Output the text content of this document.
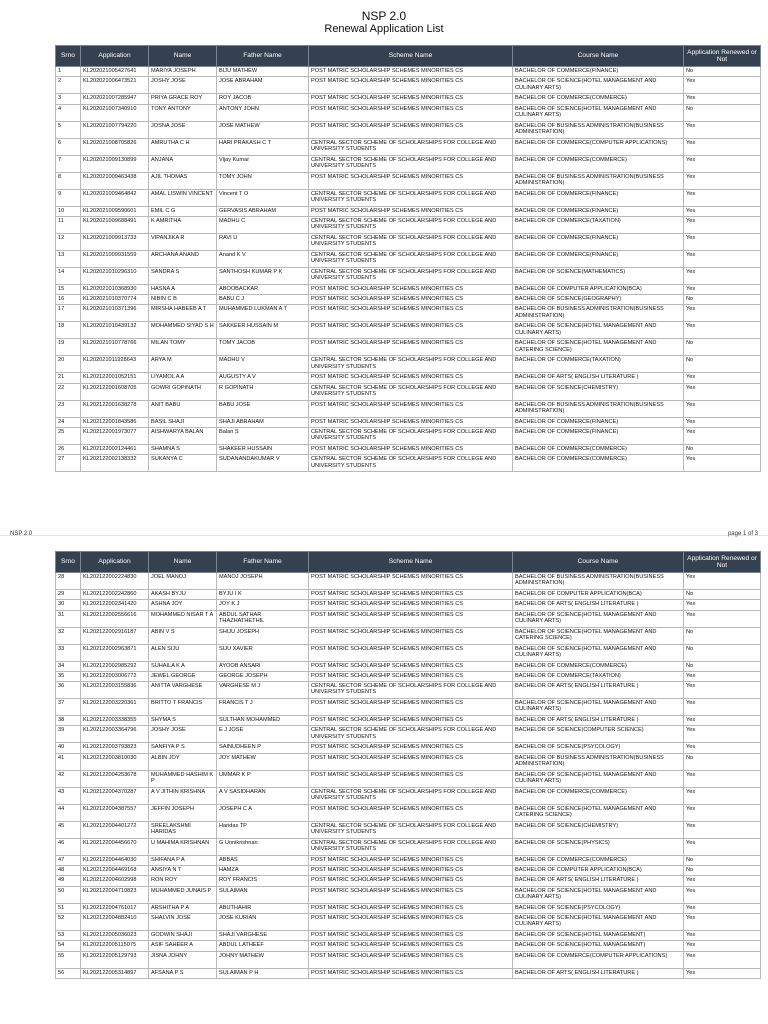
NSP 2.0
Renewal Application List
Srno	Application	Name	Father Name	Scheme Name	Course Name	Application Renewed or Not
1	KL202021005427641	MARIYA JOSEPH	BIJU MATHEW	POST MATRIC SCHOLARSHIP SCHEMES MINORITIES CS	BACHELOR OF COMMERCE(FINANCE)	No
2	KL202021006473521	JOSHY JOSE	JOSE ABRAHAM	POST MATRIC SCHOLARSHIP SCHEMES MINORITIES CS	BACHELOR OF SCIENCE(HOTEL MANAGEMENT AND CULINARY ARTS)	Yes
3	KL202021007285947	PRIYA GRACE ROY	ROY JACOB	POST MATRIC SCHOLARSHIP SCHEMES MINORITIES CS	BACHELOR OF COMMERCE(COMMERCE)	Yes
4	KL202021007340910	TONY ANTONY	ANTONY JOHN	POST MATRIC SCHOLARSHIP SCHEMES MINORITIES CS	BACHELOR OF SCIENCE(HOTEL MANAGEMENT AND CULINARY ARTS)	No
5	KL202021007794220	JOSNA JOSE	JOSE MATHEW	POST MATRIC SCHOLARSHIP SCHEMES MINORITIES CS	BACHELOR OF BUSINESS ADMINISTRATION(BUSINESS ADMINISTRATION)	Yes
6	KL202021008705826	AMRUTHA C H	HARI PRAKASH C T	CENTRAL SECTOR SCHEME OF SCHOLARSHIPS FOR COLLEGE AND UNIVERSITY STUDENTS	BACHELOR OF COMMERCE(COMPUTER APPLICATIONS)	Yes
7	KL202021009130899	ANJANA	Vijay Kumar	CENTRAL SECTOR SCHEME OF SCHOLARSHIPS FOR COLLEGE AND UNIVERSITY STUDENTS	BACHELOR OF COMMERCE(COMMERCE)	Yes
8	KL202021009463438	AJIL THOMAS	TOMY JOHN	POST MATRIC SCHOLARSHIP SCHEMES MINORITIES CS	BACHELOR OF BUSINESS ADMINISTRATION(BUSINESS ADMINISTRATION)	Yes
9	KL202021009464842	AMAL LISWIN VINCENT	Vincent T O	CENTRAL SECTOR SCHEME OF SCHOLARSHIPS FOR COLLEGE AND UNIVERSITY STUDENTS	BACHELOR OF COMMERCE(FINANCE)	Yes
10	KL202021009590601	EMIL C G	GERVASIS ABRAHAM	POST MATRIC SCHOLARSHIP SCHEMES MINORITIES CS	BACHELOR OF COMMERCE(FINANCE)	Yes
11	KL202021009688491	K AMRITHA	MADHU C	CENTRAL SECTOR SCHEME OF SCHOLARSHIPS FOR COLLEGE AND UNIVERSITY STUDENTS	BACHELOR OF COMMERCE(TAXATION)	Yes
12	KL202021009913733	VIPANJIKA R	RAVI U	CENTRAL SECTOR SCHEME OF SCHOLARSHIPS FOR COLLEGE AND UNIVERSITY STUDENTS	BACHELOR OF COMMERCE(FINANCE)	Yes
13	KL202021009931559	ARCHANA ANAND	Anand K V	CENTRAL SECTOR SCHEME OF SCHOLARSHIPS FOR COLLEGE AND UNIVERSITY STUDENTS	BACHELOR OF COMMERCE(FINANCE)	Yes
14	KL202021010296310	SANDRA S	SANTHOSH KUMAR P K	CENTRAL SECTOR SCHEME OF SCHOLARSHIPS FOR COLLEGE AND UNIVERSITY STUDENTS	BACHELOR OF SCIENCE(MATHEMATICS)	Yes
15	KL202021010368930	HASNA A	ABOOBACKAR	POST MATRIC SCHOLARSHIP SCHEMES MINORITIES CS	BACHELOR OF COMPUTER APPLICATION(BCA)	Yes
16	KL202021010370774	NIBIN C B	BABU C J	POST MATRIC SCHOLARSHIP SCHEMES MINORITIES CS	BACHELOR OF SCIENCE(GEOGRAPHY)	No
17	KL202021010371396	MIRSHA HABEEB A T	MUHAMMED LUKMAN A T	POST MATRIC SCHOLARSHIP SCHEMES MINORITIES CS	BACHELOR OF BUSINESS ADMINISTRATION(BUSINESS ADMINISTRATION)	Yes
18	KL202021010439132	MOHAMMED SIYAD S H	SAKKEER HUSSAIN M	POST MATRIC SCHOLARSHIP SCHEMES MINORITIES CS	BACHELOR OF SCIENCE(HOTEL MANAGEMENT AND CULINARY ARTS)	Yes
19	KL202021010778766	MILAN TOMY	TOMY JACOB	POST MATRIC SCHOLARSHIP SCHEMES MINORITIES CS	BACHELOR OF SCIENCE(HOTEL MANAGEMENT AND CATERING SCIENCE)	No
20	KL202021011928643	ARYA M	MADHU V	CENTRAL SECTOR SCHEME OF SCHOLARSHIPS FOR COLLEGE AND UNIVERSITY STUDENTS	BACHELOR OF COMMERCE(TAXATION)	No
21	KL202122001052151	LIYAMOL A A	AUGUSTY A V	POST MATRIC SCHOLARSHIP SCHEMES MINORITIES CS	BACHELOR OF ARTS( ENGLISH LITERATURE )	Yes
22	KL202122001608705	GOWRI GOPINATH	R GOPINATH	CENTRAL SECTOR SCHEME OF SCHOLARSHIPS FOR COLLEGE AND UNIVERSITY STUDENTS	BACHELOR OF SCIENCE(CHEMISTRY)	Yes
23	KL202122001638278	ANIT BABU	BABU JOSE	POST MATRIC SCHOLARSHIP SCHEMES MINORITIES CS	BACHELOR OF BUSINESS ADMINISTRATION(BUSINESS ADMINISTRATION)	Yes
24	KL202122001843586	BASIL SHAJI	SHAJI ABRAHAM	POST MATRIC SCHOLARSHIP SCHEMES MINORITIES CS	BACHELOR OF COMMERCE(FINANCE)	Yes
25	KL202122001973077	AISHWARYA BALAN	Balan S	CENTRAL SECTOR SCHEME OF SCHOLARSHIPS FOR COLLEGE AND UNIVERSITY STUDENTS	BACHELOR OF COMMERCE(FINANCE)	Yes
26	KL202122002124461	SHAMNA S	SHAKEER HUSSAIN	POST MATRIC SCHOLARSHIP SCHEMES MINORITIES CS	BACHELOR OF COMMERCE(COMMERCE)	No
27	KL202122002138332	SUKANYA C	SUDANANDAKUMAR V	CENTRAL SECTOR SCHEME OF SCHOLARSHIPS FOR COLLEGE AND UNIVERSITY STUDENTS	BACHELOR OF COMMERCE(COMMERCE)	Yes
NSP 2.0	page 1 of 3
Srno	Application	Name	Father Name	Scheme Name	Course Name	Application Renewed or Not
28	KL202122002224830	JOEL MANOJ	MANOJ JOSEPH	POST MATRIC SCHOLARSHIP SCHEMES MINORITIES CS	BACHELOR OF BUSINESS ADMINISTRATION(BUSINESS ADMINISTRATION)	Yes
29	KL202122002242860	AKASH BYJU	BYJU I K	POST MATRIC SCHOLARSHIP SCHEMES MINORITIES CS	BACHELOR OF COMPUTER APPLICATION(BCA)	No
30	KL202122002341420	ASHNA JOY	JOY K J	POST MATRIC SCHOLARSHIP SCHEMES MINORITIES CS	BACHELOR OF ARTS( ENGLISH LITERATURE )	Yes
31	KL202122002556616	MOHAMMED NISAR T A	ABDUL SATHAR THAZHATHETHIL	POST MATRIC SCHOLARSHIP SCHEMES MINORITIES CS	BACHELOR OF SCIENCE(HOTEL MANAGEMENT AND CULINARY ARTS)	Yes
32	KL202122002916187	ABIN V S	SHIJU JOSEPH	POST MATRIC SCHOLARSHIP SCHEMES MINORITIES CS	BACHELOR OF SCIENCE(HOTEL MANAGEMENT AND CATERING SCIENCE)	No
33	KL202122002963871	ALEN SIJU	SIJU XAVIER	POST MATRIC SCHOLARSHIP SCHEMES MINORITIES CS	BACHELOR OF SCIENCE(HOTEL MANAGEMENT AND CULINARY ARTS)	No
34	KL202122002985292	SUHAILA K A	AYOOB ANSARI	POST MATRIC SCHOLARSHIP SCHEMES MINORITIES CS	BACHELOR OF COMMERCE(COMMERCE)	No
35	KL202122003006772	JEWEL GEORGE	GEORGE JOSEPH	POST MATRIC SCHOLARSHIP SCHEMES MINORITIES CS	BACHELOR OF COMMERCE(TAXATION)	Yes
36	KL202122003155836	ANITTA VARGHESE	VARGHESE M J	CENTRAL SECTOR SCHEME OF SCHOLARSHIPS FOR COLLEGE AND UNIVERSITY STUDENTS	BACHELOR OF ARTS( ENGLISH LITERATURE )	Yes
37	KL202122003220361	BRITTO T FRANCIS	FRANCIS T J	POST MATRIC SCHOLARSHIP SCHEMES MINORITIES CS	BACHELOR OF SCIENCE(HOTEL MANAGEMENT AND CULINARY ARTS)	Yes
38	KL202122003338355	SHYMA S	SULTHAN MOHAMMED	POST MATRIC SCHOLARSHIP SCHEMES MINORITIES CS	BACHELOR OF ARTS( ENGLISH LITERATURE )	Yes
39	KL202122003364796	JOSHY JOSE	E J JOSE	CENTRAL SECTOR SCHEME OF SCHOLARSHIPS FOR COLLEGE AND UNIVERSITY STUDENTS	BACHELOR OF SCIENCE(COMPUTER SCIENCE)	Yes
40	KL202122003793823	SANFIYA P S	SAINUDHEEN P	POST MATRIC SCHOLARSHIP SCHEMES MINORITIES CS	BACHELOR OF SCIENCE(PSYCOLOGY)	Yes
41	KL202122003810030	ALBIN JOY	JOY MATHEW	POST MATRIC SCHOLARSHIP SCHEMES MINORITIES CS	BACHELOR OF BUSINESS ADMINISTRATION(BUSINESS ADMINISTRATION)	No
42	KL202122004253678	MUHAMMED HASHIM K P	UMMAR K P	POST MATRIC SCHOLARSHIP SCHEMES MINORITIES CS	BACHELOR OF SCIENCE(HOTEL MANAGEMENT AND CULINARY ARTS)	Yes
43	KL202122004370287	A V JITHIN KRISHNA	A V SASIDHARAN	CENTRAL SECTOR SCHEME OF SCHOLARSHIPS FOR COLLEGE AND UNIVERSITY STUDENTS	BACHELOR OF COMMERCE(COMMERCE)	Yes
44	KL202122004387557	JEFFIN JOSEPH	JOSEPH C A	POST MATRIC SCHOLARSHIP SCHEMES MINORITIES CS	BACHELOR OF SCIENCE(HOTEL MANAGEMENT AND CATERING SCIENCE)	Yes
45	KL202122004401272	SREELAKSHMI HARIDAS	Haridas TP	CENTRAL SECTOR SCHEME OF SCHOLARSHIPS FOR COLLEGE AND UNIVERSITY STUDENTS	BACHELOR OF SCIENCE(CHEMISTRY)	Yes
46	KL202122004456670	U MAHIMA KRISHNAN	G Unnikrishnan	CENTRAL SECTOR SCHEME OF SCHOLARSHIPS FOR COLLEGE AND UNIVERSITY STUDENTS	BACHELOR OF SCIENCE(PHYSICS)	Yes
47	KL202122004464030	SHIFANA P A	ABBAS	POST MATRIC SCHOLARSHIP SCHEMES MINORITIES CS	BACHELOR OF COMMERCE(COMMERCE)	No
48	KL202122004469168	ANSIYA N T	HAMZA	POST MATRIC SCHOLARSHIP SCHEMES MINORITIES CS	BACHELOR OF COMPUTER APPLICATION(BCA)	No
49	KL202122004602998	RON ROY	ROY FRANCIS	POST MATRIC SCHOLARSHIP SCHEMES MINORITIES CS	BACHELOR OF ARTS( ENGLISH LITERATURE )	Yes
50	KL202122004710823	MUHAMMED JUNAIS P	SULAIMAN	POST MATRIC SCHOLARSHIP SCHEMES MINORITIES CS	BACHELOR OF SCIENCE(HOTEL MANAGEMENT AND CULINARY ARTS)	Yes
51	KL202122004761017	ARSHITHA P A	ABUTHAHIR	POST MATRIC SCHOLARSHIP SCHEMES MINORITIES CS	BACHELOR OF SCIENCE(PSYCOLOGY)	Yes
52	KL202122004882410	SHALVIN JOSE	JOSE KURIAN	POST MATRIC SCHOLARSHIP SCHEMES MINORITIES CS	BACHELOR OF SCIENCE(HOTEL MANAGEMENT AND CULINARY ARTS)	Yes
53	KL202122005036023	GODWIN SHAJI	SHAJI VARGHESE	POST MATRIC SCHOLARSHIP SCHEMES MINORITIES CS	BACHELOR OF SCIENCE(HOTEL MANAGEMENT)	Yes
54	KL202122005115075	ASIF SAHEER A	ABDUL LATHEEF	POST MATRIC SCHOLARSHIP SCHEMES MINORITIES CS	BACHELOR OF SCIENCE(HOTEL MANAGEMENT)	Yes
55	KL202122005129793	JISNA JOHNY	JOHNY MATHEW	POST MATRIC SCHOLARSHIP SCHEMES MINORITIES CS	BACHELOR OF COMMERCE(COMPUTER APPLICATIONS)	Yes
56	KL202122005314897	AFSANA P S	SULAIMAN P H	POST MATRIC SCHOLARSHIP SCHEMES MINORITIES CS	BACHELOR OF ARTS( ENGLISH LITERATURE )	Yes
